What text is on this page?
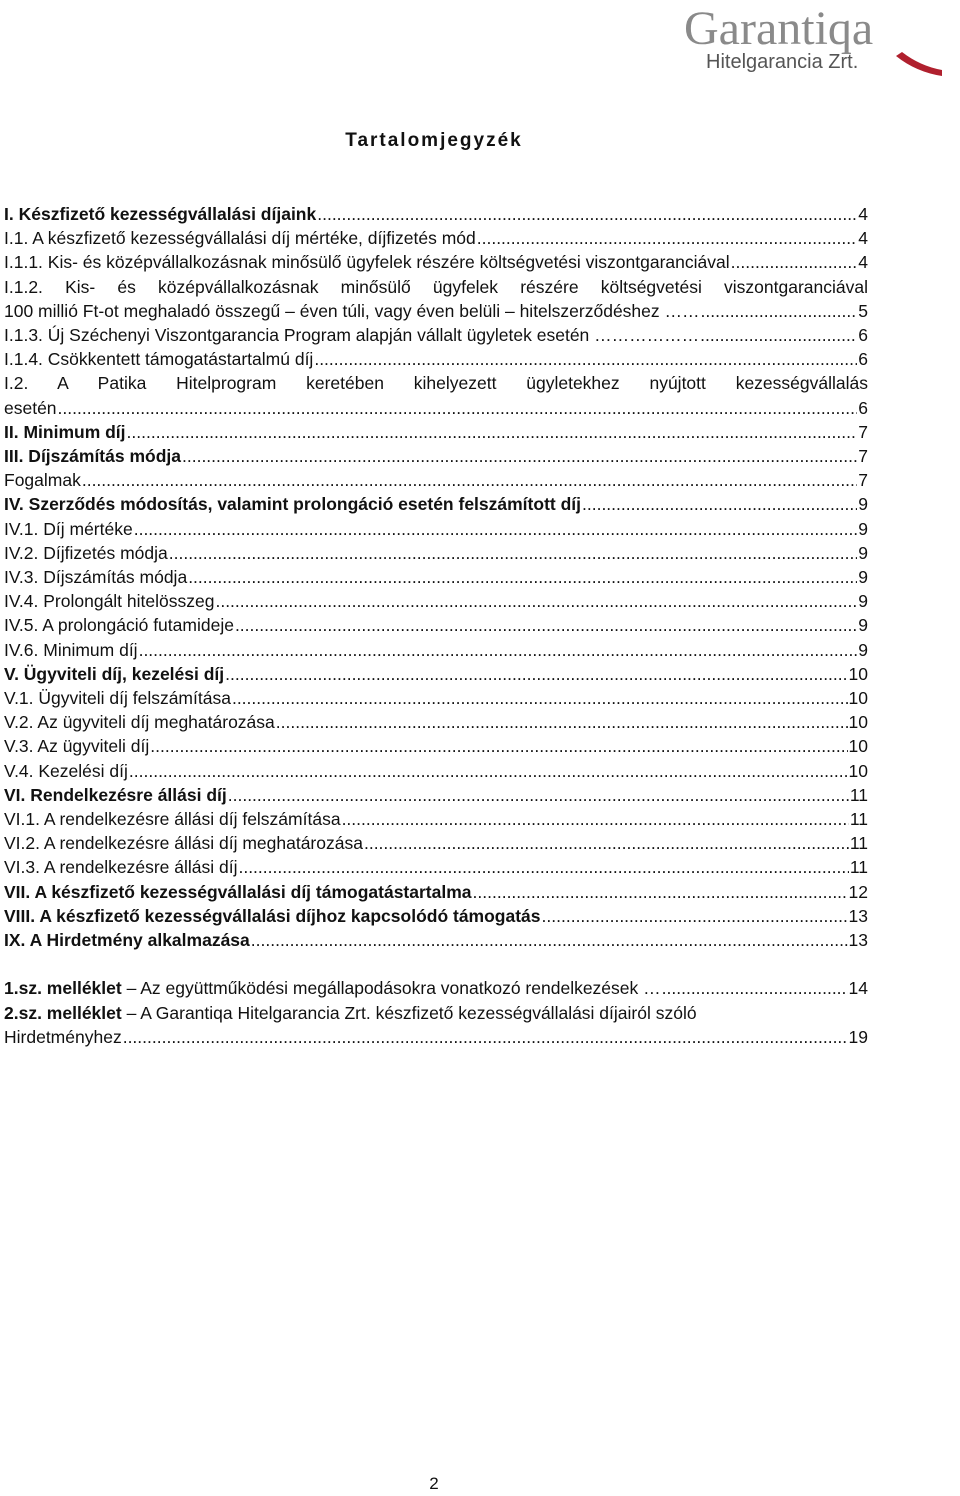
Garantiqa
Hitelgarancia Zrt.
Tartalomjegyzék
I. Készfizető kezességvállalási díjaink .....	4
I.1. A készfizető kezességvállalási díj mértéke, díjfizetés mód .....	4
I.1.1. Kis- és középvállalkozásnak minősülő ügyfelek részére költségvetési viszontgaranciával .....	4
I.1.2. Kis- és középvállalkozásnak minősülő ügyfelek részére költségvetési viszontgaranciával
100 millió Ft-ot meghaladó összegű – éven túli, vagy éven belüli – hitelszerződéshez …… .....	5
I.1.3. Új Széchenyi Viszontgarancia Program alapján vállalt ügyletek esetén ……………… .....	6
I.1.4. Csökkentett támogatástartalmú díj .....	6
I.2. A Patika Hitelprogram keretében kihelyezett ügyletekhez nyújtott kezességvállalás
esetén .....	6
II. Minimum díj .....	7
III. Díjszámítás módja .....	7
Fogalmak .....	7
IV. Szerződés módosítás, valamint prolongáció esetén felszámított díj .....	9
IV.1. Díj mértéke .....	9
IV.2. Díjfizetés módja .....	9
IV.3. Díjszámítás módja .....	9
IV.4. Prolongált hitelösszeg .....	9
IV.5. A prolongáció futamideje .....	9
IV.6. Minimum díj .....	9
V. Ügyviteli díj, kezelési díj .....	10
V.1. Ügyviteli díj felszámítása .....	10
V.2. Az ügyviteli díj meghatározása .....	10
V.3. Az ügyviteli díj .....	10
V.4. Kezelési díj .....	10
VI. Rendelkezésre állási díj .....	11
VI.1. A rendelkezésre állási díj felszámítása .....	11
VI.2. A rendelkezésre állási díj meghatározása .....	11
VI.3. A rendelkezésre állási díj .....	11
VII. A készfizető kezességvállalási díj támogatástartalma .....	12
VIII. A készfizető kezességvállalási díjhoz kapcsolódó támogatás .....	13
IX. A Hirdetmény alkalmazása .....	13
1.sz. melléklet – Az együttműködési megállapodásokra vonatkozó rendelkezések … .....	14
2.sz. melléklet – A Garantiqa Hitelgarancia Zrt. készfizető kezességvállalási díjairól szóló
Hirdetményhez .....	19
2
